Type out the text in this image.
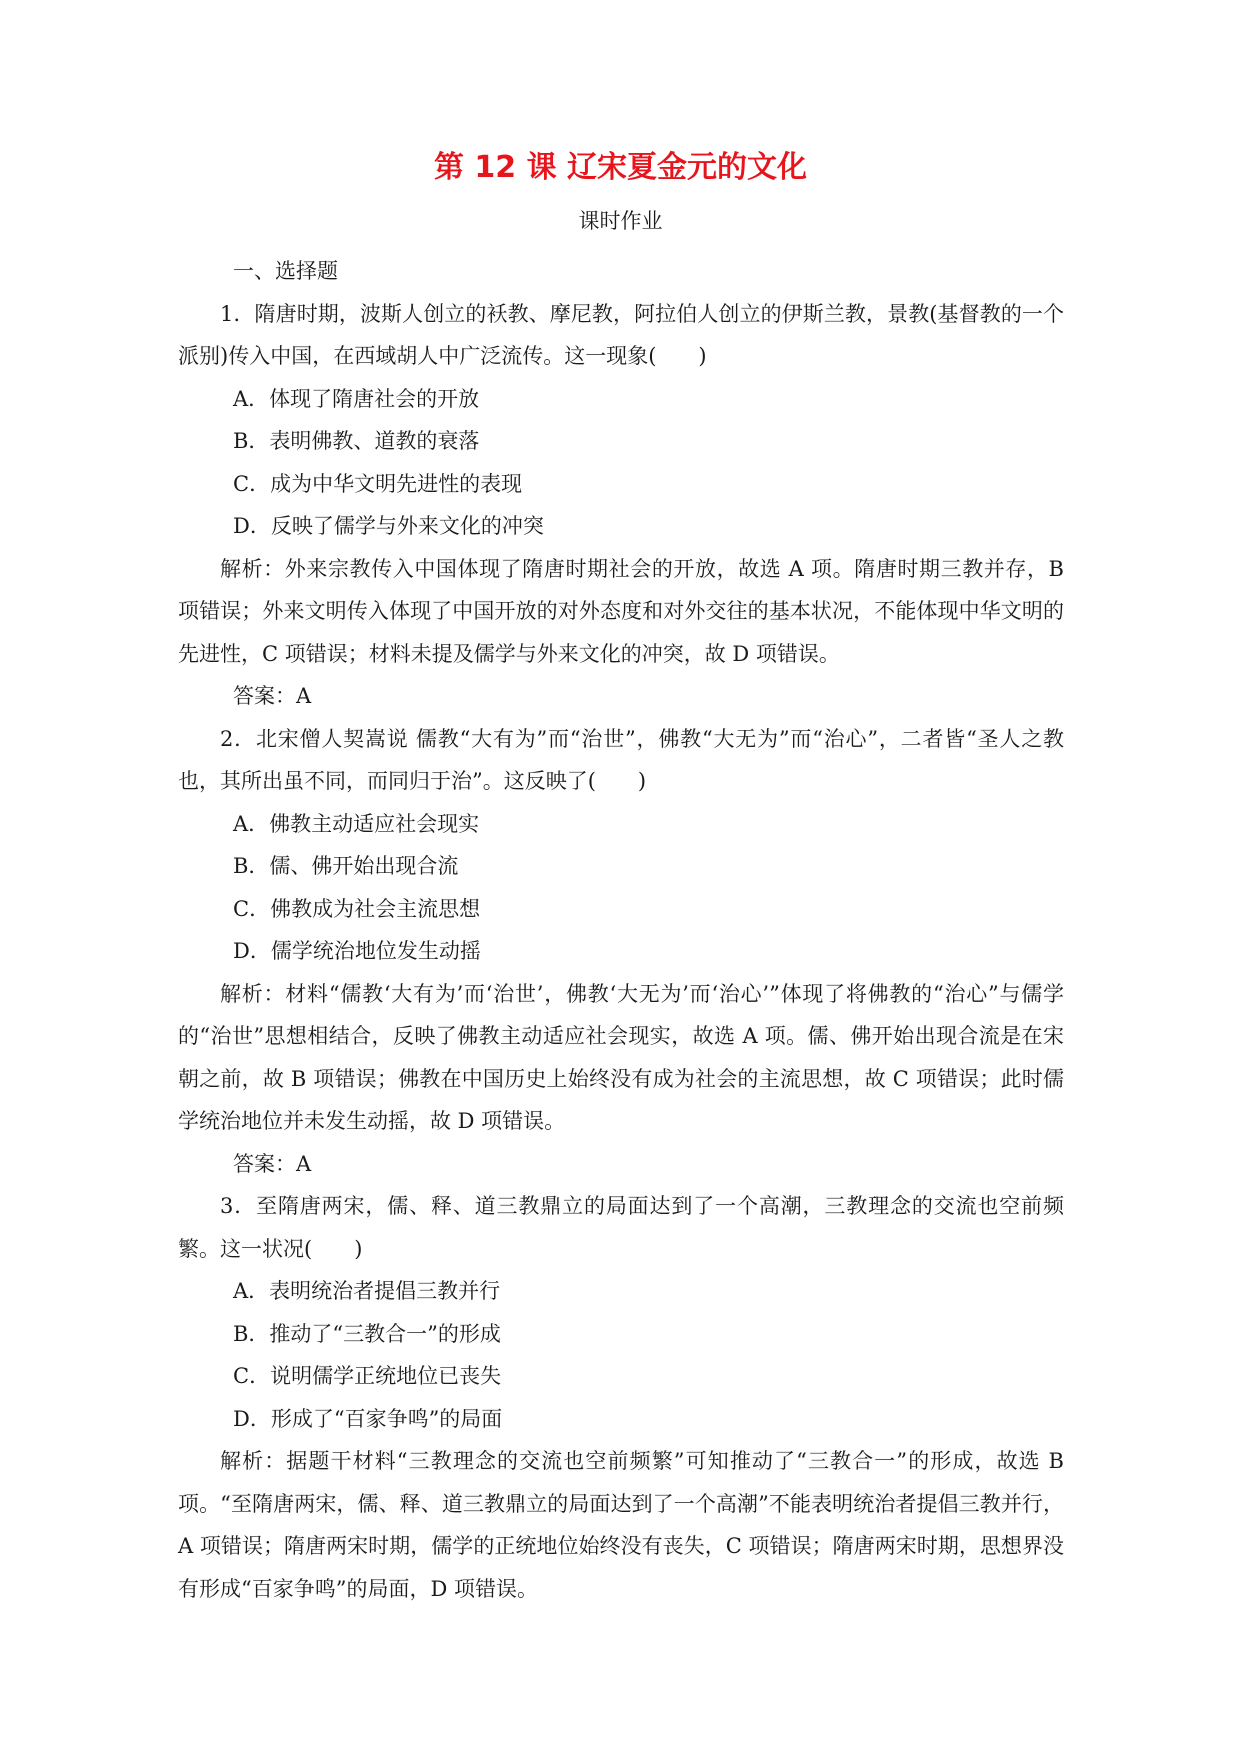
第 12 课 辽宋夏金元的文化
课时作业

一、选择题

1．隋唐时期，波斯人创立的袄教、摩尼教，阿拉伯人创立的伊斯兰教，景教(基督教的一个派别)传入中国，在西域胡人中广泛流传。这一现象(　　)

A．体现了隋唐社会的开放

B．表明佛教、道教的衰落

C．成为中华文明先进性的表现

D．反映了儒学与外来文化的冲突

解析：外来宗教传入中国体现了隋唐时期社会的开放，故选 A 项。隋唐时期三教并存，B 项错误；外来文明传入体现了中国开放的对外态度和对外交往的基本状况，不能体现中华文明的先进性，C 项错误；材料未提及儒学与外来文化的冲突，故 D 项错误。

答案：A

2．北宋僧人契嵩说 儒教“大有为”而“治世”，佛教“大无为”而“治心”，二者皆“圣人之教也，其所出虽不同，而同归于治”。这反映了(　　)

A．佛教主动适应社会现实

B．儒、佛开始出现合流

C．佛教成为社会主流思想

D．儒学统治地位发生动摇

解析：材料“儒教‘大有为’而‘治世’，佛教‘大无为’而‘治心’”体现了将佛教的“治心”与儒学的“治世”思想相结合，反映了佛教主动适应社会现实，故选 A 项。儒、佛开始出现合流是在宋朝之前，故 B 项错误；佛教在中国历史上始终没有成为社会的主流思想，故 C 项错误；此时儒学统治地位并未发生动摇，故 D 项错误。

答案：A

3．至隋唐两宋，儒、释、道三教鼎立的局面达到了一个高潮，三教理念的交流也空前频繁。这一状况(　　)

A．表明统治者提倡三教并行

B．推动了“三教合一”的形成

C．说明儒学正统地位已丧失

D．形成了“百家争鸣”的局面

解析：据题干材料“三教理念的交流也空前频繁”可知推动了“三教合一”的形成，故选 B 项。“至隋唐两宋，儒、释、道三教鼎立的局面达到了一个高潮”不能表明统治者提倡三教并行，A 项错误；隋唐两宋时期，儒学的正统地位始终没有丧失，C 项错误；隋唐两宋时期，思想界没有形成“百家争鸣”的局面，D 项错误。
